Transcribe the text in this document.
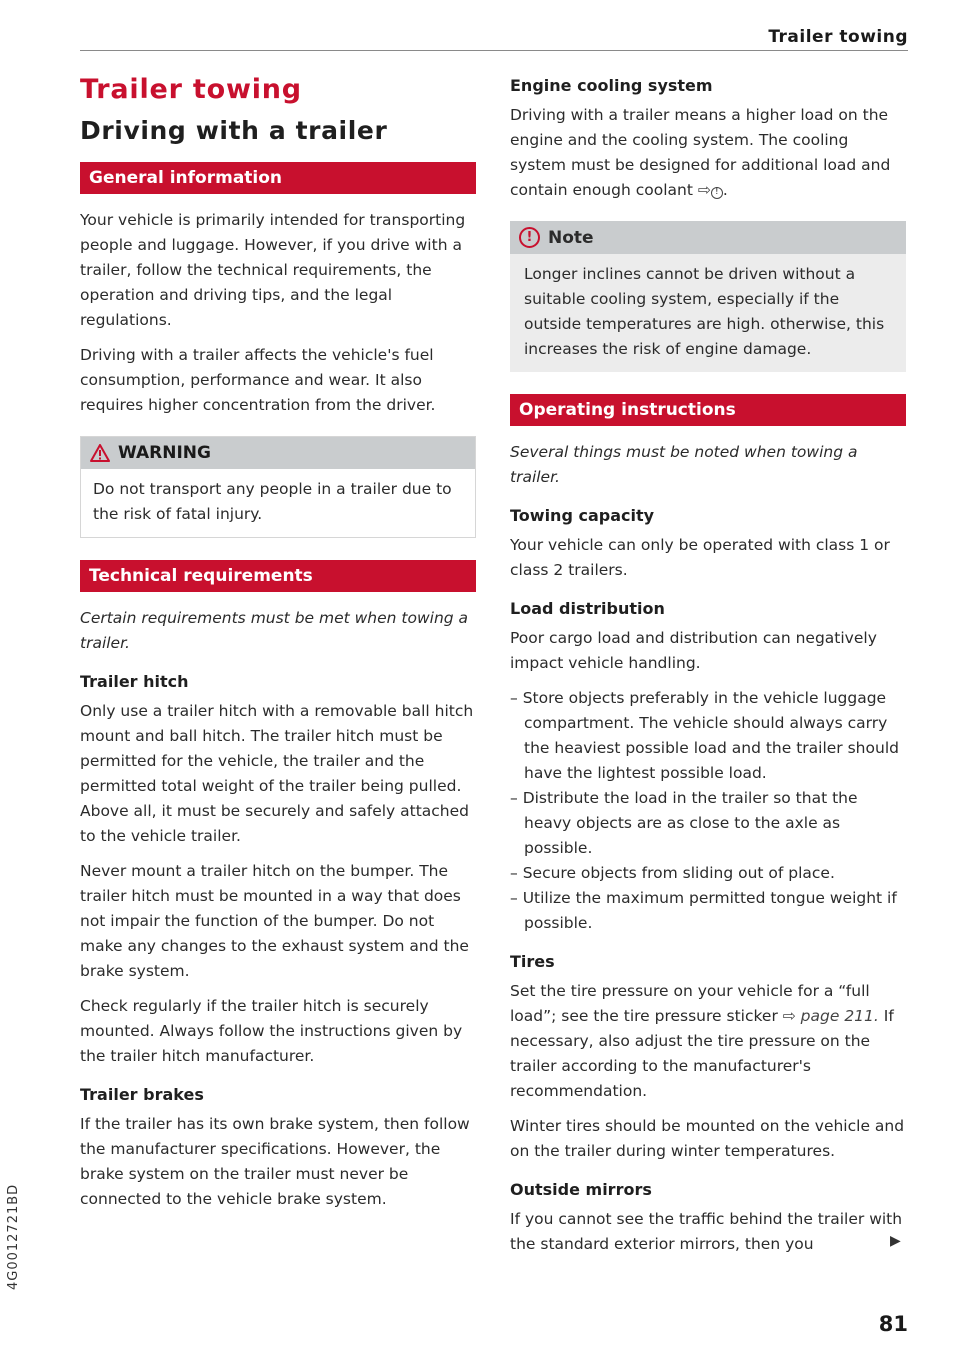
Trailer towing
Trailer towing
Driving with a trailer
General information

Your vehicle is primarily intended for transporting people and luggage. However, if you drive with a trailer, follow the technical requirements, the operation and driving tips, and the legal regulations.

Driving with a trailer affects the vehicle's fuel consumption, performance and wear. It also requires higher concentration from the driver.

WARNING

Do not transport any people in a trailer due to the risk of fatal injury.

Technical requirements

Certain requirements must be met when towing a trailer.

Trailer hitch

Only use a trailer hitch with a removable ball hitch mount and ball hitch. The trailer hitch must be permitted for the vehicle, the trailer and the permitted total weight of the trailer being pulled. Above all, it must be securely and safely attached to the vehicle trailer.

Never mount a trailer hitch on the bumper. The trailer hitch must be mounted in a way that does not impair the function of the bumper. Do not make any changes to the exhaust system and the brake system.

Check regularly if the trailer hitch is securely mounted. Always follow the instructions given by the trailer hitch manufacturer.

Trailer brakes

If the trailer has its own brake system, then follow the manufacturer specifications. However, the brake system on the trailer must never be connected to the vehicle brake system.

Engine cooling system

Driving with a trailer means a higher load on the engine and the cooling system. The cooling system must be designed for additional load and contain enough coolant ⇨ ! .

! Note

Longer inclines cannot be driven without a suitable cooling system, especially if the outside temperatures are high. otherwise, this increases the risk of engine damage.

Operating instructions

Several things must be noted when towing a trailer.

Towing capacity

Your vehicle can only be operated with class 1 or class 2 trailers.

Load distribution

Poor cargo load and distribution can negatively impact vehicle handling.

– Store objects preferably in the vehicle luggage compartment. The vehicle should always carry the heaviest possible load and the trailer should have the lightest possible load.
– Distribute the load in the trailer so that the heavy objects are as close to the axle as possible.
– Secure objects from sliding out of place.
– Utilize the maximum permitted tongue weight if possible.
Tires

Set the tire pressure on your vehicle for a “full load”; see the tire pressure sticker ⇨ page 211. If necessary, also adjust the tire pressure on the trailer according to the manufacturer's recommendation.

Winter tires should be mounted on the vehicle and on the trailer during winter temperatures.

Outside mirrors

If you cannot see the traffic behind the trailer with the standard exterior mirrors, then you	▶
4G0012721BD
81
